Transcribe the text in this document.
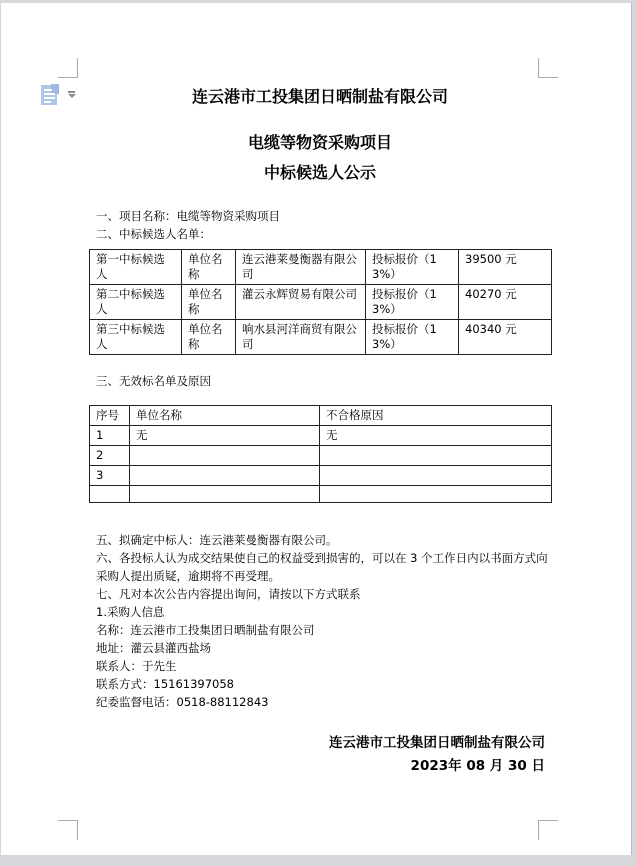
连云港市工投集团日晒制盐有限公司
电缆等物资采购项目
中标候选人公示
一、项目名称：电缆等物资采购项目
二、中标候选人名单：
第一中标候选人	单位名称	连云港莱曼衡器有限公司	投标报价（13%）	39500 元
第二中标候选人	单位名称	灌云永辉贸易有限公司	投标报价（13%）	40270 元
第三中标候选人	单位名称	响水县河洋商贸有限公司	投标报价（13%）	40340 元
三、无效标名单及原因
序号	单位名称	不合格原因
1	无	无
2		
3		

五、拟确定中标人：连云港莱曼衡器有限公司。
六、各投标人认为成交结果使自己的权益受到损害的，可以在 3 个工作日内以书面方式向采购人提出质疑，逾期将不再受理。
七、凡对本次公告内容提出询问，请按以下方式联系
1.采购人信息
名称：连云港市工投集团日晒制盐有限公司
地址：灌云县灌西盐场
联系人：于先生
联系方式：15161397058
纪委监督电话：0518-88112843
连云港市工投集团日晒制盐有限公司
2023年 08 月 30 日
